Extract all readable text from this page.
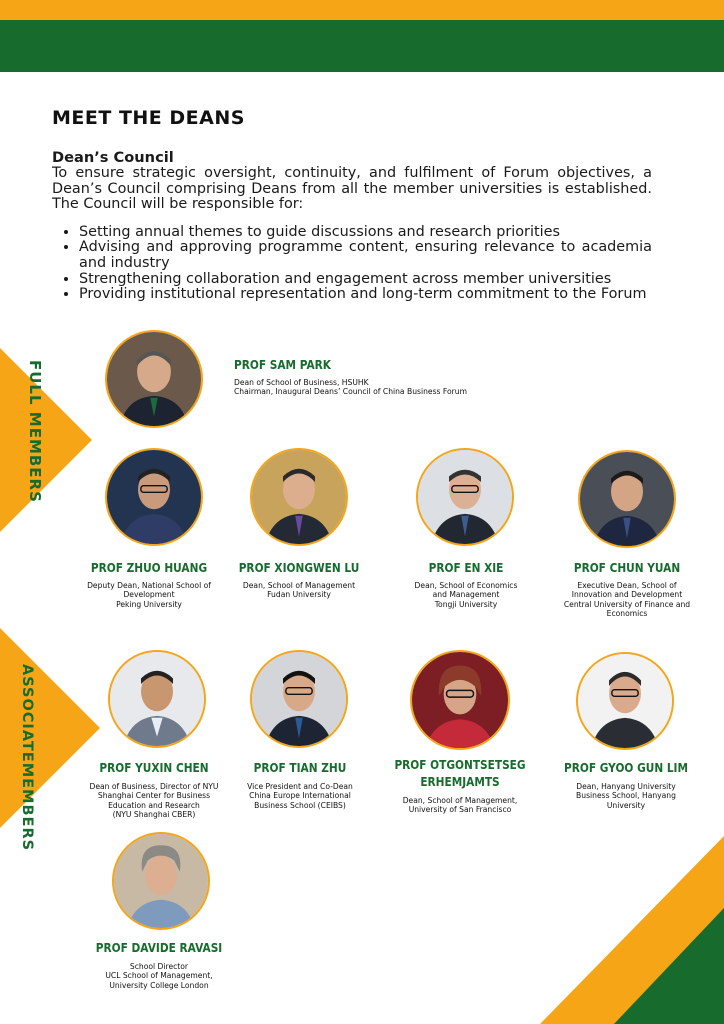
MEET THE DEANS
Dean’s Council

To ensure strategic oversight, continuity, and fulfilment of Forum objectives, a Dean’s Council comprising Deans from all the member universities is established. The Council will be responsible for:

• Setting annual themes to guide discussions and research priorities
• Advising and approving programme content, ensuring relevance to academia and industry
• Strengthening collaboration and engagement across member universities
• Providing institutional representation and long-term commitment to the Forum
FULL MEMBERS
ASSOCIATEMEMBERS
PROF SAM PARK
Dean of School of Business, HSUHK
Chairman, Inaugural Deans’ Council of China Business Forum
PROF ZHUO HUANG
Deputy Dean, National School of
Development
Peking University
PROF XIONGWEN LU
Dean, School of Management
Fudan University
PROF EN XIE
Dean, School of Economics
and Management
Tongji University
PROF CHUN YUAN
Executive Dean, School of
Innovation and Development
Central University of Finance and
Economics
PROF YUXIN CHEN
Dean of Business, Director of NYU
Shanghai Center for Business
Education and Research
(NYU Shanghai CBER)
PROF TIAN ZHU
Vice President and Co-Dean
China Europe International
Business School (CEIBS)
PROF OTGONTSETSEG
ERHEMJAMTS
Dean, School of Management,
University of San Francisco
PROF GYOO GUN LIM
Dean, Hanyang University
Business School, Hanyang
University
PROF DAVIDE RAVASI
School Director
UCL School of Management,
University College London
